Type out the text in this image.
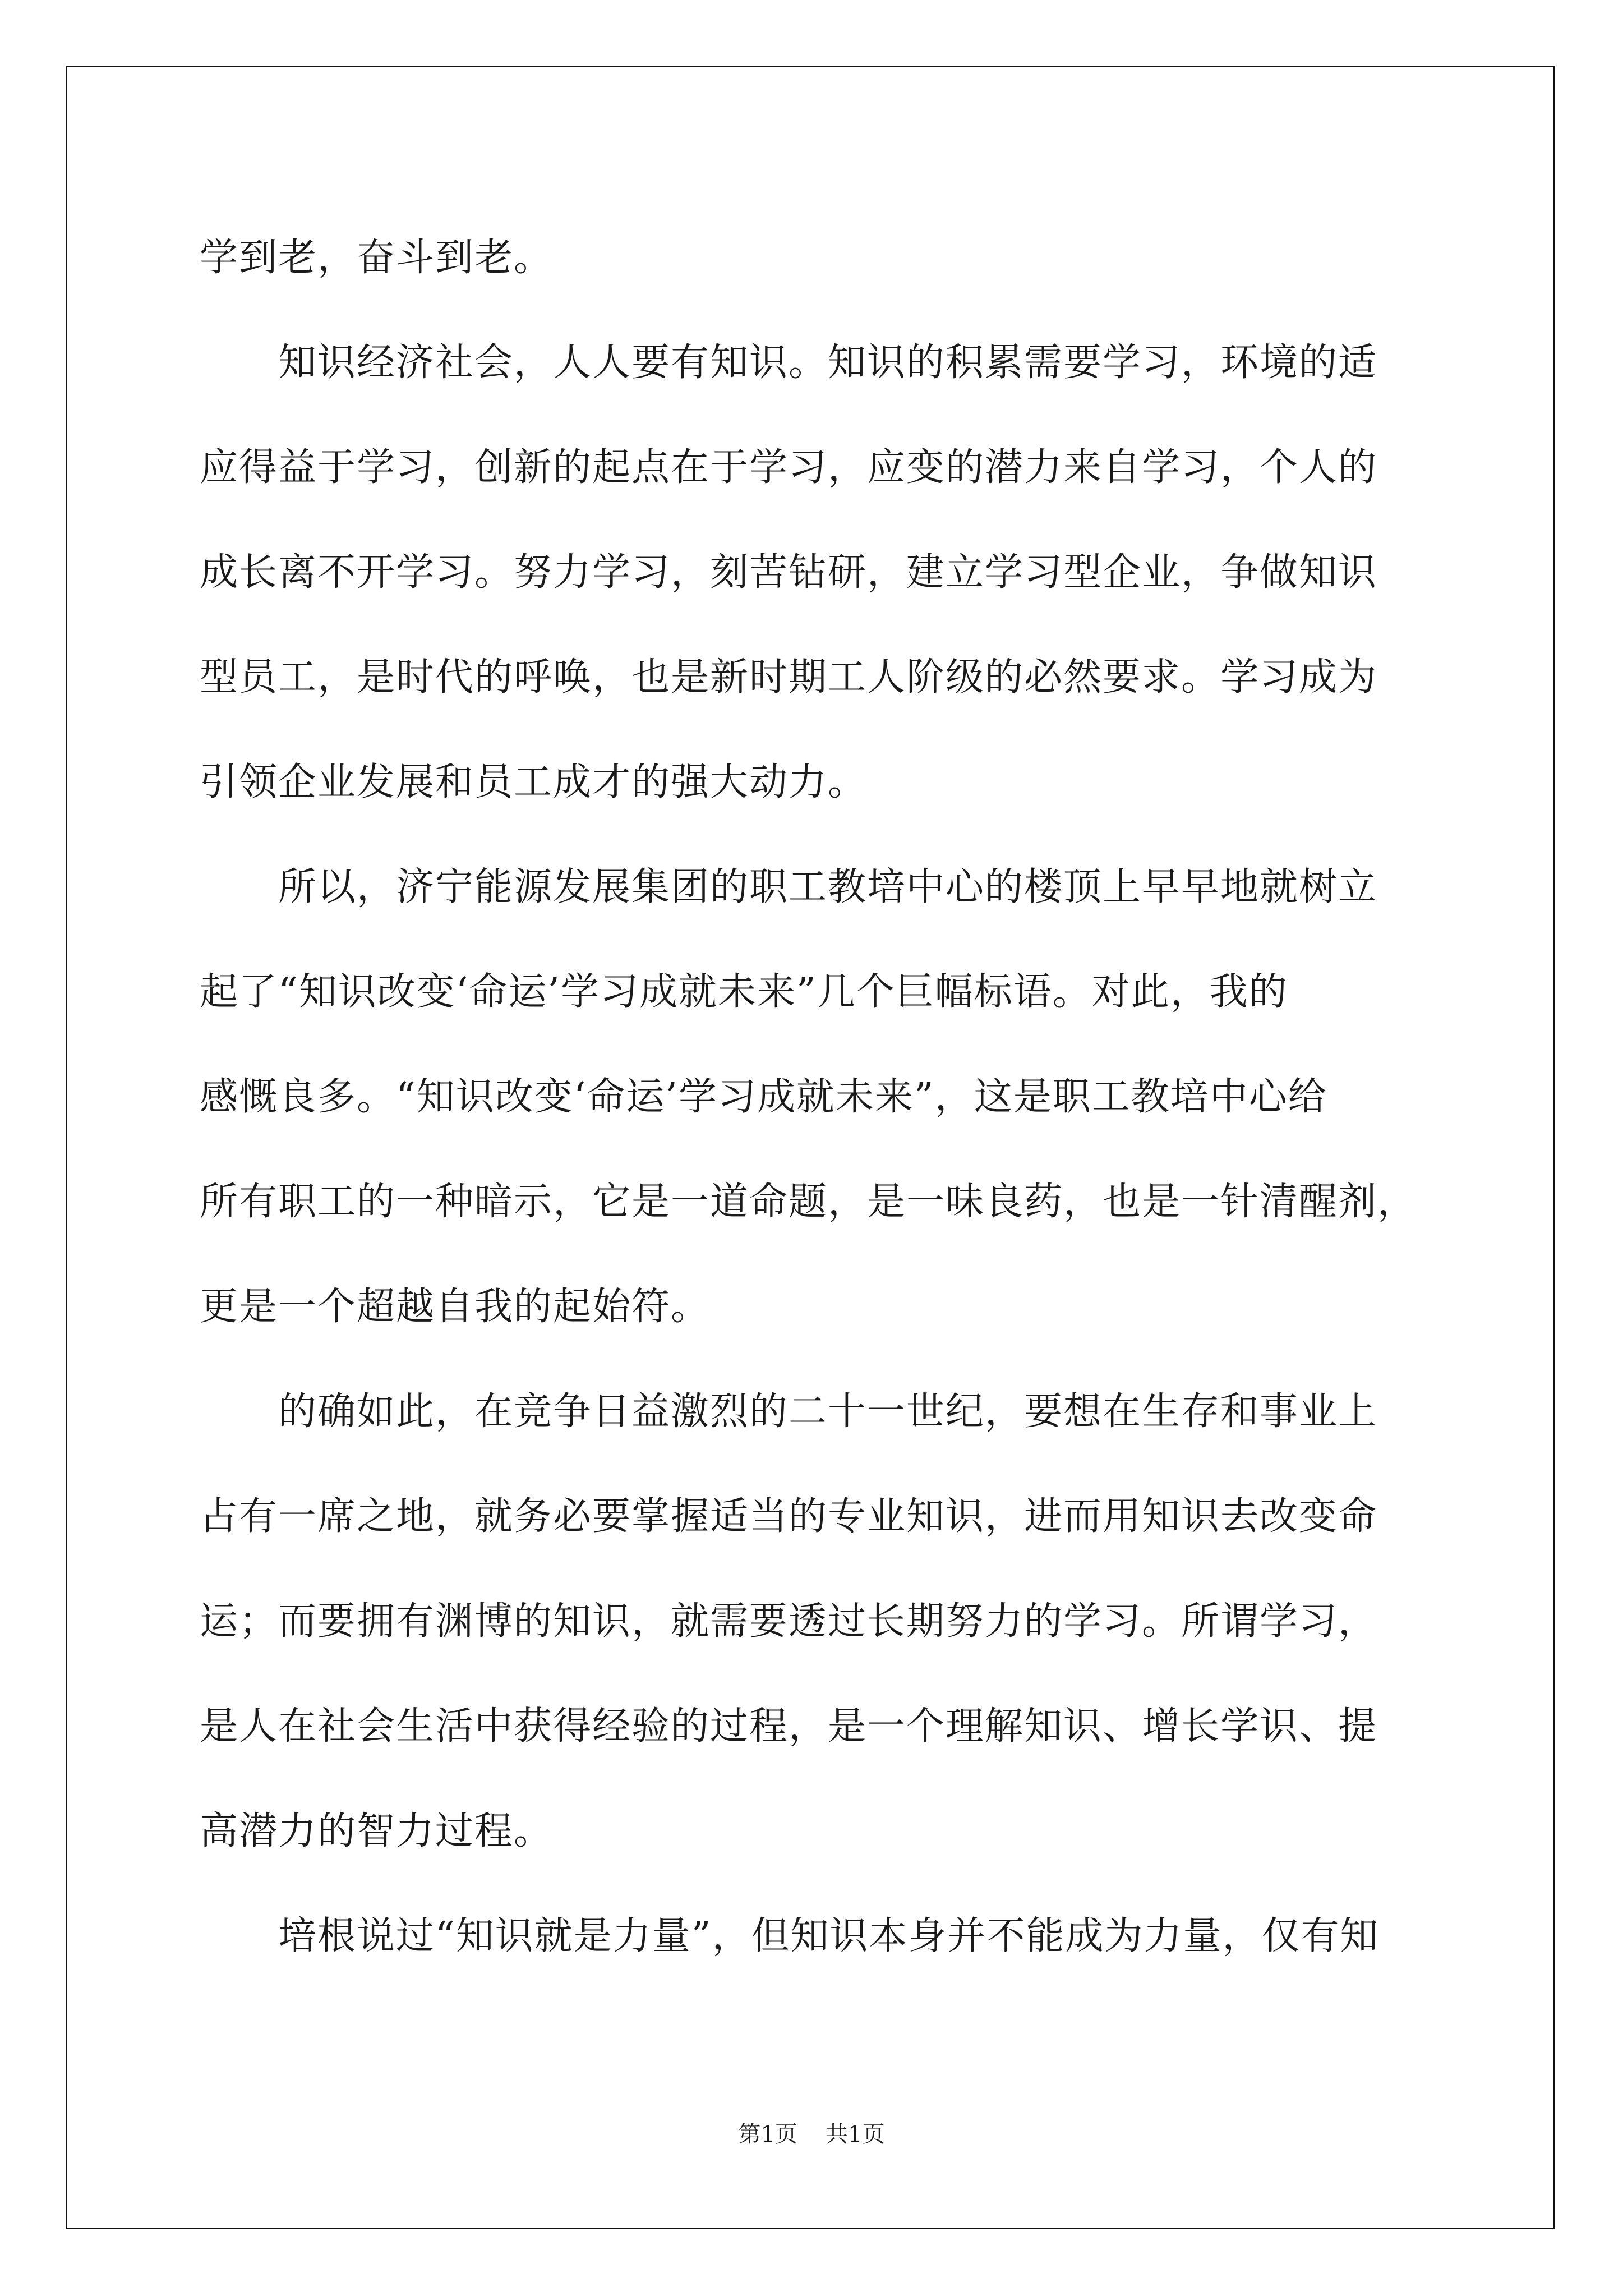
学到老，奋斗到老。
知识经济社会，人人要有知识。知识的积累需要学习，环境的适
应得益于学习，创新的起点在于学习，应变的潜力来自学习，个人的
成长离不开学习。努力学习，刻苦钻研，建立学习型企业，争做知识
型员工，是时代的呼唤，也是新时期工人阶级的必然要求。学习成为
引领企业发展和员工成才的强大动力。
所以，济宁能源发展集团的职工教培中心的楼顶上早早地就树立
起了“知识改变‘命运’学习成就未来”几个巨幅标语。对此，我的
感慨良多。“知识改变‘命运’学习成就未来”，这是职工教培中心给
所有职工的一种暗示，它是一道命题，是一味良药，也是一针清醒剂，
更是一个超越自我的起始符。
的确如此，在竞争日益激烈的二十一世纪，要想在生存和事业上
占有一席之地，就务必要掌握适当的专业知识，进而用知识去改变命
运；而要拥有渊博的知识，就需要透过长期努力的学习。所谓学习，
是人在社会生活中获得经验的过程，是一个理解知识、增长学识、提
高潜力的智力过程。
培根说过“知识就是力量”，但知识本身并不能成为力量，仅有知
第1页 共1页
